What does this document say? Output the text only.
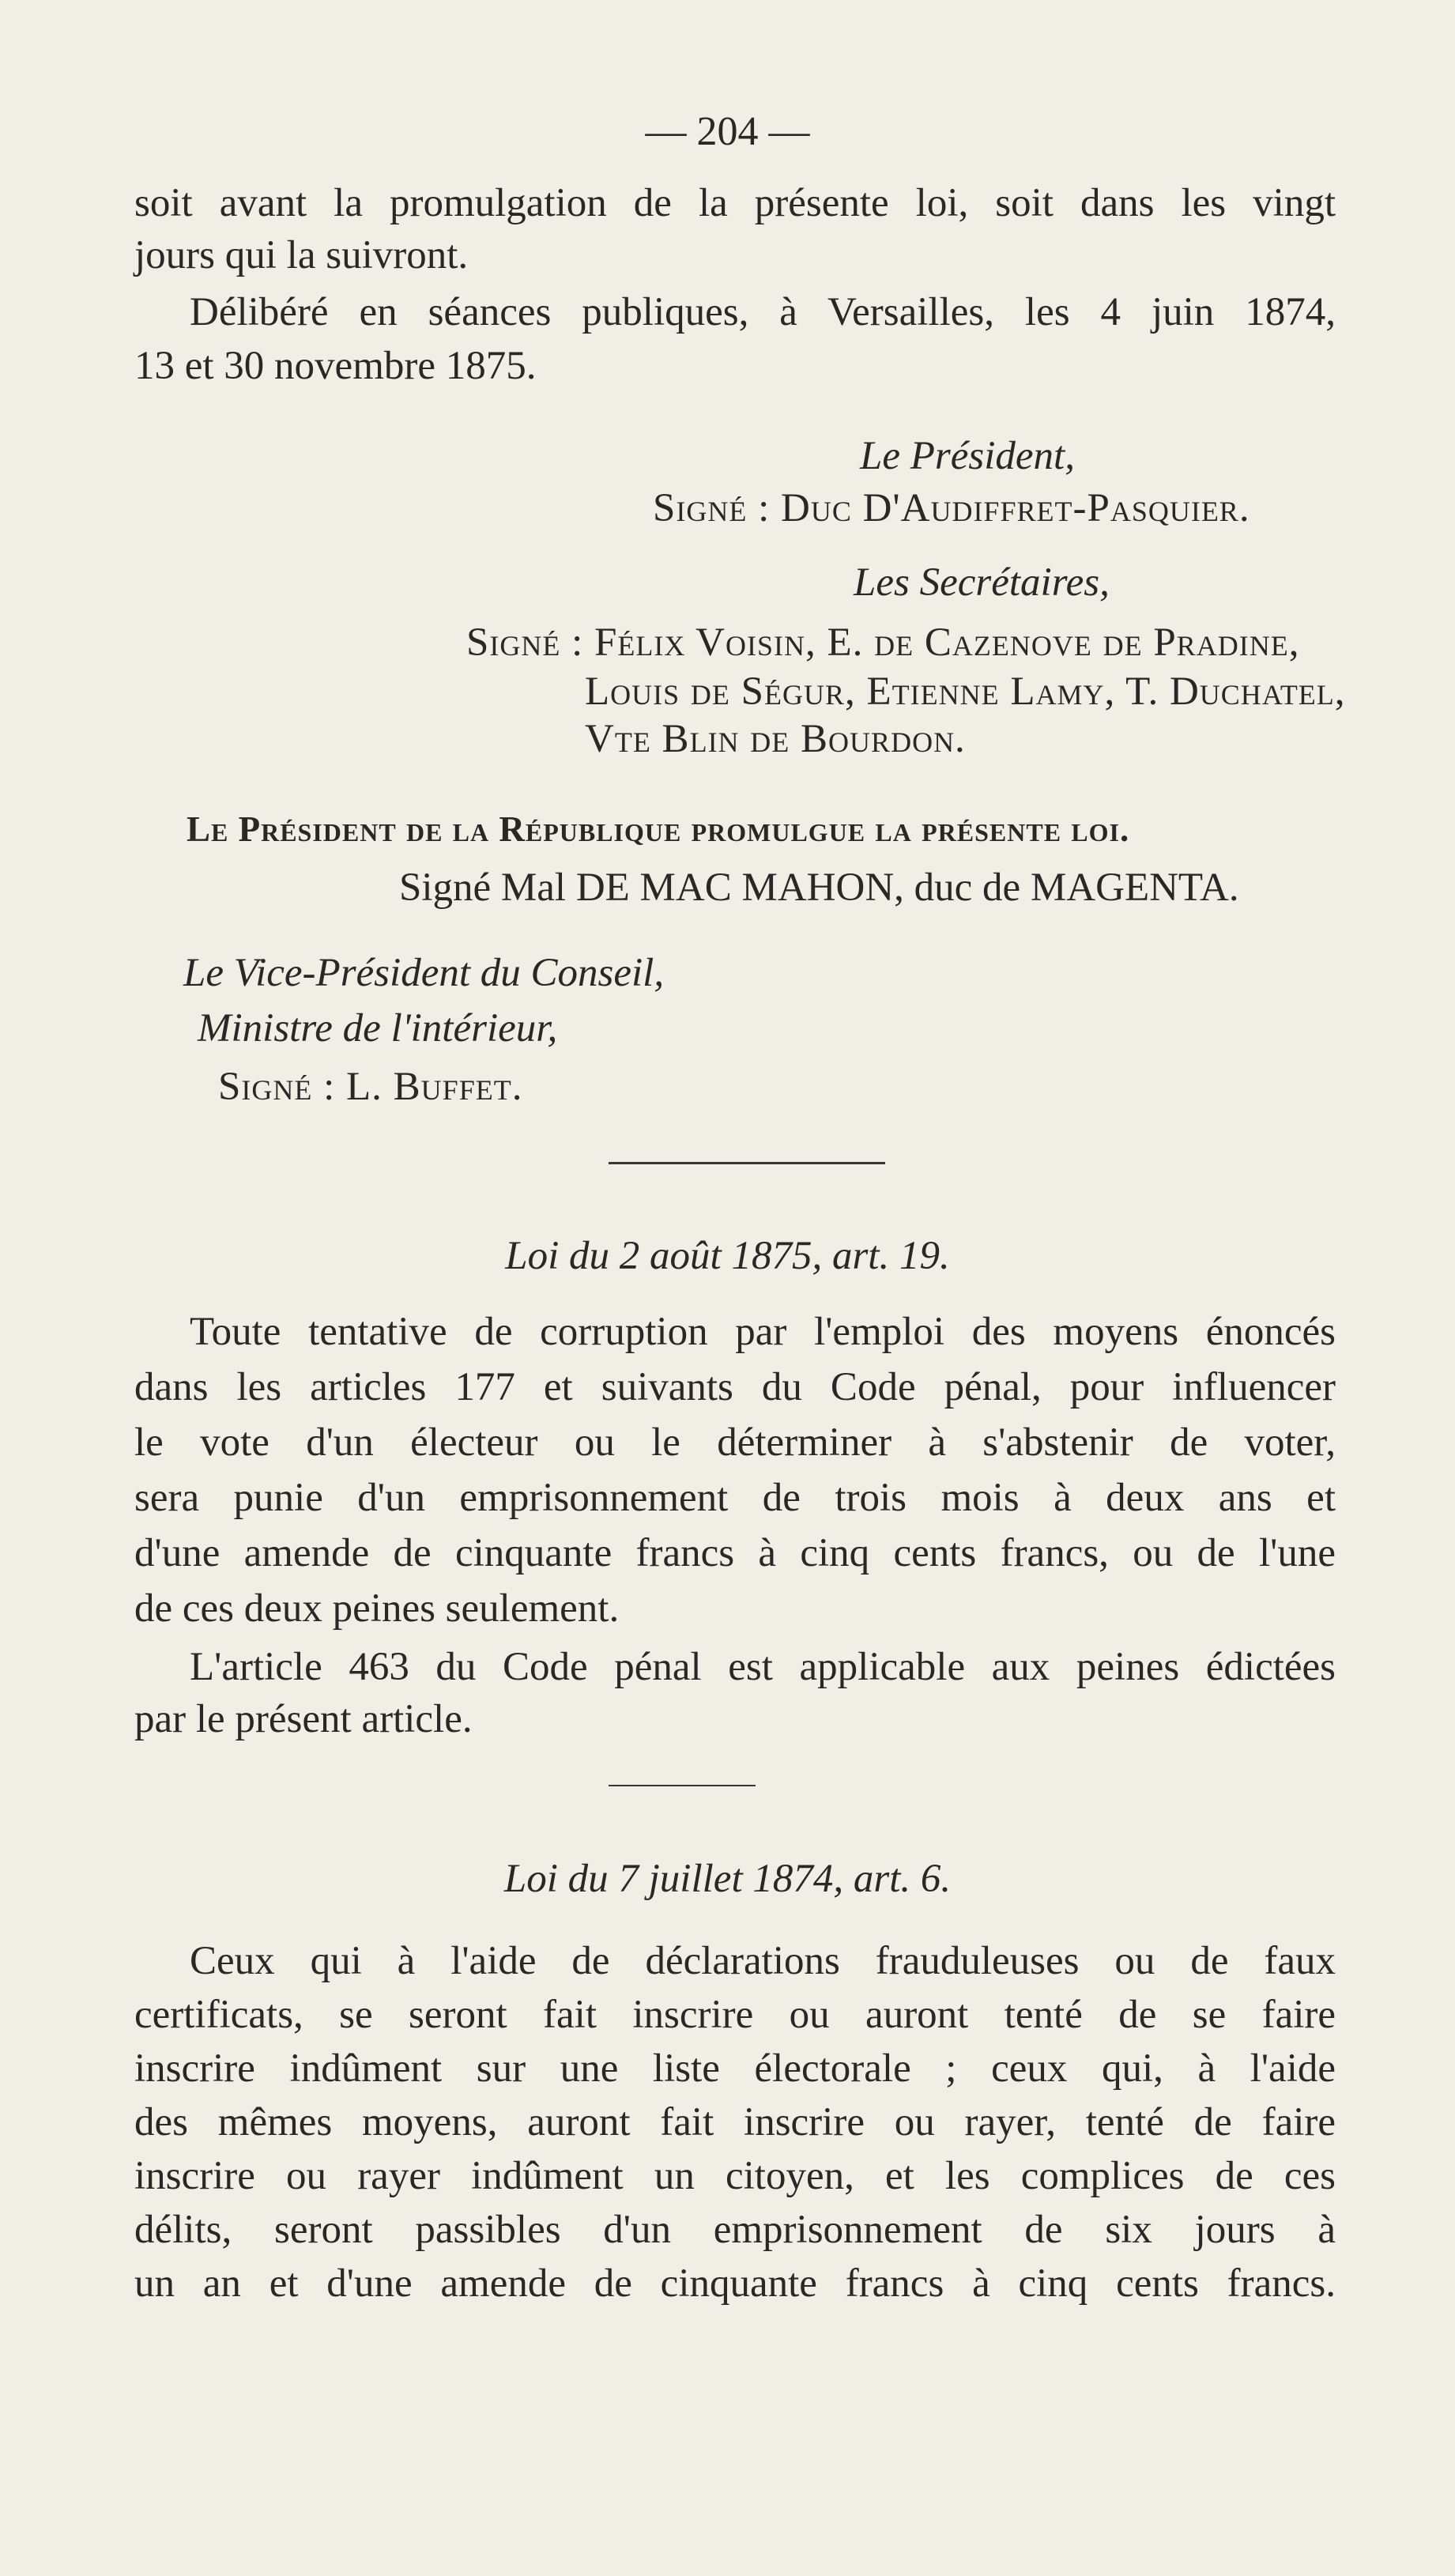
— 204 —
soit avant la promulgation de la présente loi, soit dans les vingt
jours qui la suivront.
Délibéré en séances publiques, à Versailles, les 4 juin 1874,
13 et 30 novembre 1875.
Le Président,
Signé : Duc D'Audiffret-Pasquier.
Les Secrétaires,
Signé : Félix Voisin, E. de Cazenove de Pradine,
Louis de Ségur, Etienne Lamy, T. Duchatel,
Vte Blin de Bourdon.
Le Président de la République promulgue la présente loi.
Signé Mal DE MAC MAHON, duc de MAGENTA.
Le Vice-Président du Conseil,
Ministre de l'intérieur,
Signé : L. Buffet.
Loi du 2 août 1875, art. 19.
Toute tentative de corruption par l'emploi des moyens énoncés
dans les articles 177 et suivants du Code pénal, pour influencer
le vote d'un électeur ou le déterminer à s'abstenir de voter,
sera punie d'un emprisonnement de trois mois à deux ans et
d'une amende de cinquante francs à cinq cents francs, ou de l'une
de ces deux peines seulement.
L'article 463 du Code pénal est applicable aux peines édictées
par le présent article.
Loi du 7 juillet 1874, art. 6.
Ceux qui à l'aide de déclarations frauduleuses ou de faux
certificats, se seront fait inscrire ou auront tenté de se faire
inscrire indûment sur une liste électorale ; ceux qui, à l'aide
des mêmes moyens, auront fait inscrire ou rayer, tenté de faire
inscrire ou rayer indûment un citoyen, et les complices de ces
délits, seront passibles d'un emprisonnement de six jours à
un an et d'une amende de cinquante francs à cinq cents francs.
